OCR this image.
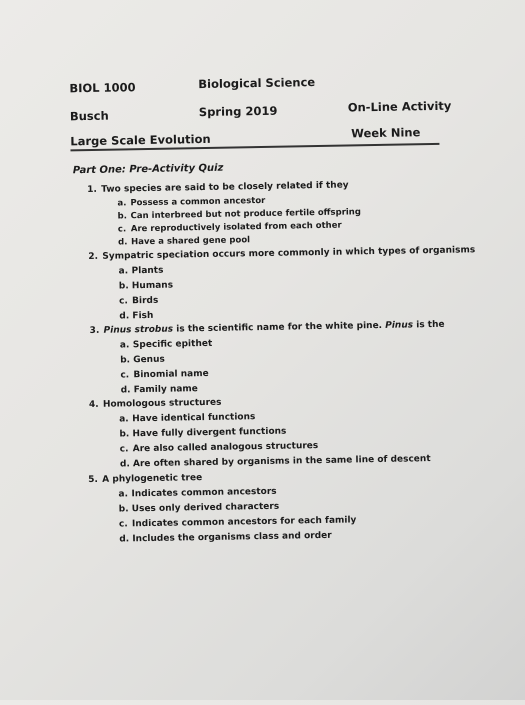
BIOL 1000	Biological Science
Busch	Spring 2019	On-Line Activity
Large Scale Evolution	Week Nine
Part One: Pre-Activity Quiz
1. Two species are said to be closely related if they
a. Possess a common ancestor
b. Can interbreed but not produce fertile offspring
c. Are reproductively isolated from each other
d. Have a shared gene pool
2. Sympatric speciation occurs more commonly in which types of organisms
a. Plants
b. Humans
c. Birds
d. Fish
3. Pinus strobus is the scientific name for the white pine. Pinus is the
a. Specific epithet
b. Genus
c. Binomial name
d. Family name
4. Homologous structures
a. Have identical functions
b. Have fully divergent functions
c. Are also called analogous structures
d. Are often shared by organisms in the same line of descent
5. A phylogenetic tree
a. Indicates common ancestors
b. Uses only derived characters
c. Indicates common ancestors for each family
d. Includes the organisms class and order
